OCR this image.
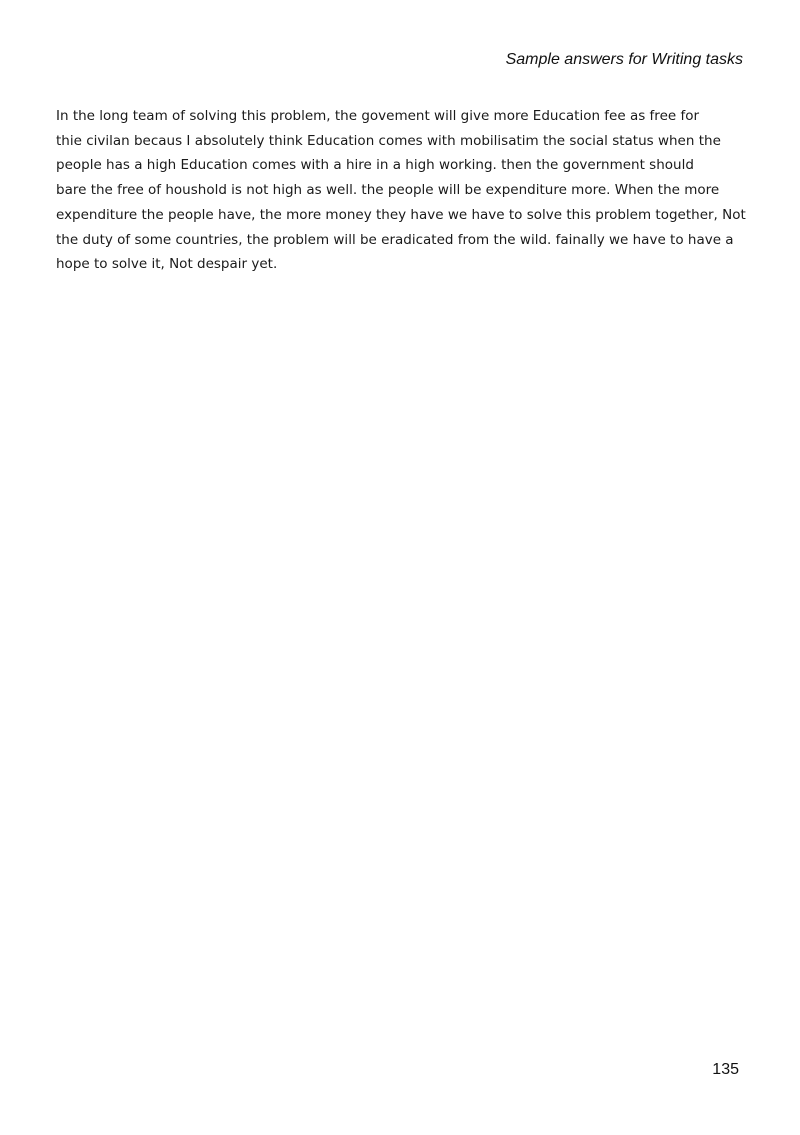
Sample answers for Writing tasks
In the long team of solving this problem, the govement will give more Education fee as free for
thie civilan becaus I absolutely think Education comes with mobilisatim the social status when the
people has a high Education comes with a hire in a high working. then the government should
bare the free of houshold is not high as well. the people will be expenditure more. When the more
expenditure the people have, the more money they have we have to solve this problem together, Not
the duty of some countries, the problem will be eradicated from the wild. fainally we have to have a
hope to solve it, Not despair yet.
135
